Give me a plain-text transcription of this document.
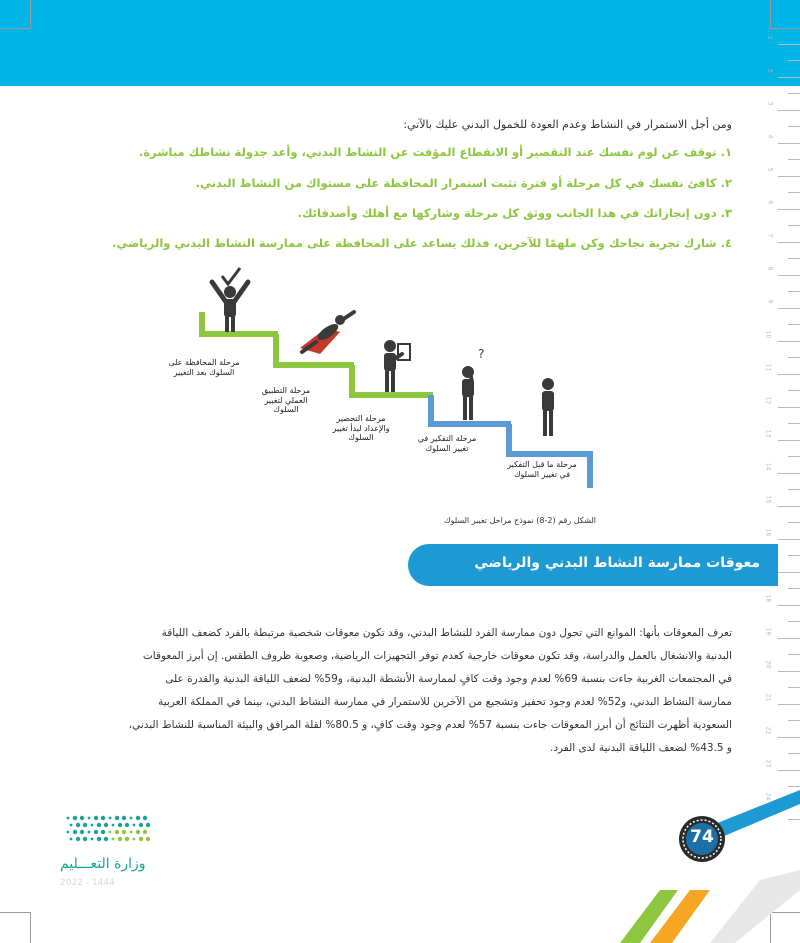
1
2
3
4
5
6
7
8
9
10
11
12
13
14
15
16
18
19
20
21
22
23
24
ومن أجل الاستمرار في النشاط وعدم العودة للخمول البدني عليك بالآتي:
١. توقف عن لوم نفسك عند التقصير أو الانقطاع المؤقت عن النشاط البدني، وأعد جدولة نشاطك مباشرة.
٢. كافئ نفسك في كل مرحلة أو فترة تثبت استمرار المحافظة على مستواك من النشاط البدني.
٣. دون إنجازاتك في هذا الجانب ووثق كل مرحلة وشاركها مع أهلك وأصدقائك.
٤. شارك تجربة نجاحك وكن ملهمًا للآخرين، فذلك يساعد على المحافظة على ممارسة النشاط البدني والرياضي.
?
مرحلة المحافظة على السلوك بعد التغيير
مرحلة التطبيق العملي لتغيير السلوك
مرحلة التحضير والإعداد لبدأ تغيير السلوك	مرحلة التفكير في تغيير السلوك
مرحلة ما قبل التفكير في تغيير السلوك
الشكل رقم (2-8) نموذج مراحل تغيير السلوك
معوقات ممارسة النشاط البدني والرياضي
تعرف المعوقات بأنها: الموانع التي تحول دون ممارسة الفرد للنشاط البدني، وقد تكون معوقات شخصية مرتبطة بالفرد كضعف اللياقة
البدنية والانشغال بالعمل والدراسة، وقد تكون معوقات خارجية كعدم توفر التجهيزات الرياضية، وصعوبة ظروف الطقس. إن أبرز المعوقات
في المجتمعات الغربية جاءت بنسبة 69% لعدم وجود وقت كافٍ لممارسة الأنشطة البدنية، و59% لضعف اللياقة البدنية والقدرة على
ممارسة النشاط البدني، و52% لعدم وجود تحفيز وتشجيع من الآخرين للاستمرار في ممارسة النشاط البدني، بينما في المملكة العربية
السعودية أظهرت النتائج أن أبرز المعوقات جاءت بنسبة 57% لعدم وجود وقت كافٍ، و 80.5% لقلة المرافق والبيئة المناسبة للنشاط البدني،
و 43.5% لضعف اللياقة البدنية لدى الفرد.
وزارة التعـــليم
2022 - 1444
74
